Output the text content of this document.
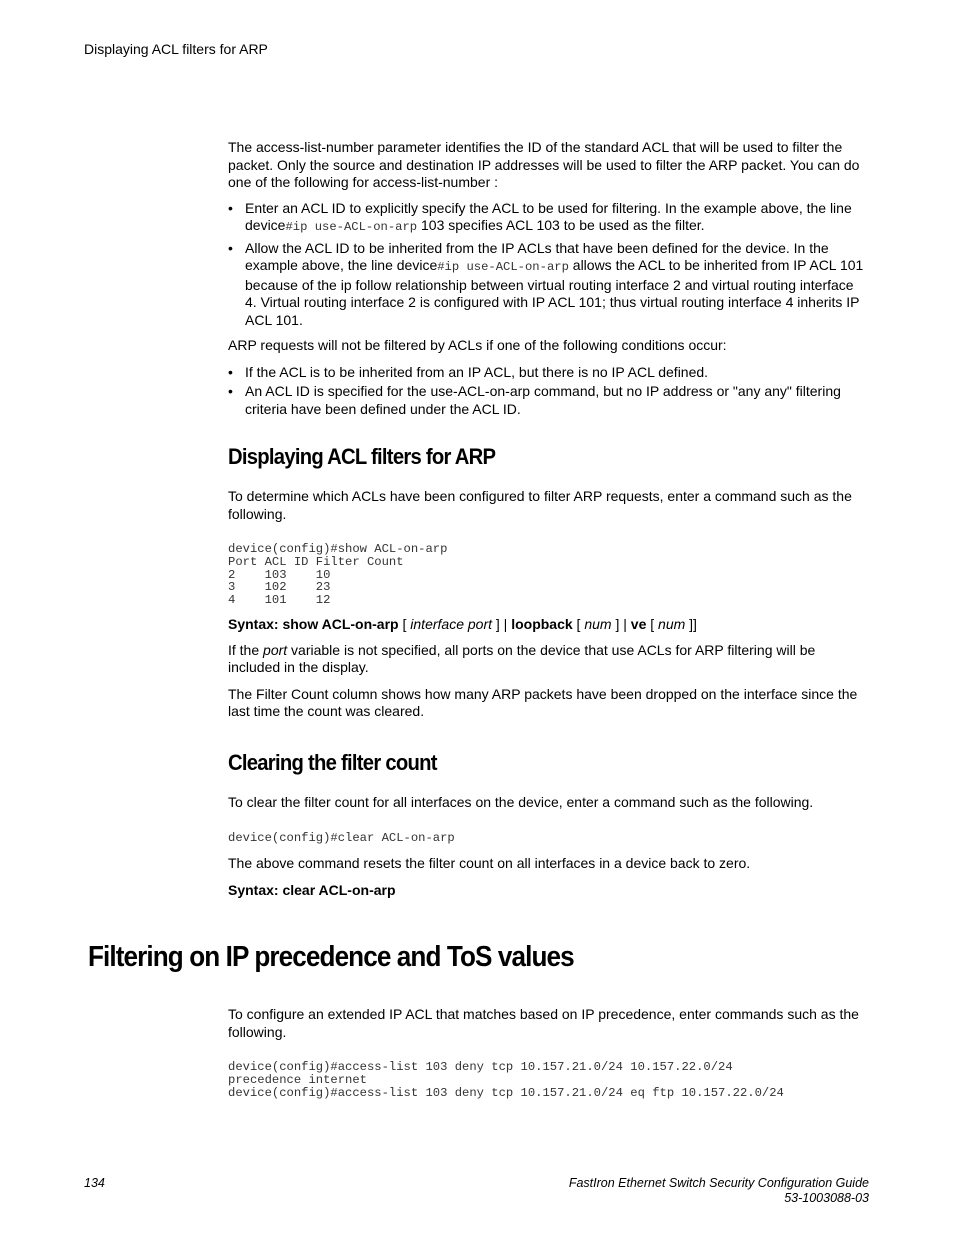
Displaying ACL filters for ARP

The access-list-number parameter identifies the ID of the standard ACL that will be used to filter the packet. Only the source and destination IP addresses will be used to filter the ARP packet. You can do one of the following for access-list-number :

• Enter an ACL ID to explicitly specify the ACL to be used for filtering. In the example above, the line device#ip use-ACL-on-arp 103 specifies ACL 103 to be used as the filter.
• Allow the ACL ID to be inherited from the IP ACLs that have been defined for the device. In the example above, the line device#ip use-ACL-on-arp allows the ACL to be inherited from IP ACL 101 because of the ip follow relationship between virtual routing interface 2 and virtual routing interface 4. Virtual routing interface 2 is configured with IP ACL 101; thus virtual routing interface 4 inherits IP ACL 101.

ARP requests will not be filtered by ACLs if one of the following conditions occur:

• If the ACL is to be inherited from an IP ACL, but there is no IP ACL defined.
• An ACL ID is specified for the use-ACL-on-arp command, but no IP address or "any any" filtering criteria have been defined under the ACL ID.
Displaying ACL filters for ARP

To determine which ACLs have been configured to filter ARP requests, enter a command such as the following.

device(config)#show ACL-on-arp
Port ACL ID Filter Count
2    103    10
3    102    23
4    101    12

Syntax: show ACL-on-arp [ interface port ] | loopback [ num ] | ve [ num ]]

If the port variable is not specified, all ports on the device that use ACLs for ARP filtering will be included in the display.

The Filter Count column shows how many ARP packets have been dropped on the interface since the last time the count was cleared.

Clearing the filter count

To clear the filter count for all interfaces on the device, enter a command such as the following.

device(config)#clear ACL-on-arp

The above command resets the filter count on all interfaces in a device back to zero.

Syntax: clear ACL-on-arp

Filtering on IP precedence and ToS values

To configure an extended IP ACL that matches based on IP precedence, enter commands such as the following.

device(config)#access-list 103 deny tcp 10.157.21.0/24 10.157.22.0/24
precedence internet
device(config)#access-list 103 deny tcp 10.157.21.0/24 eq ftp 10.157.22.0/24
134	FastIron Ethernet Switch Security Configuration Guide
53-1003088-03
